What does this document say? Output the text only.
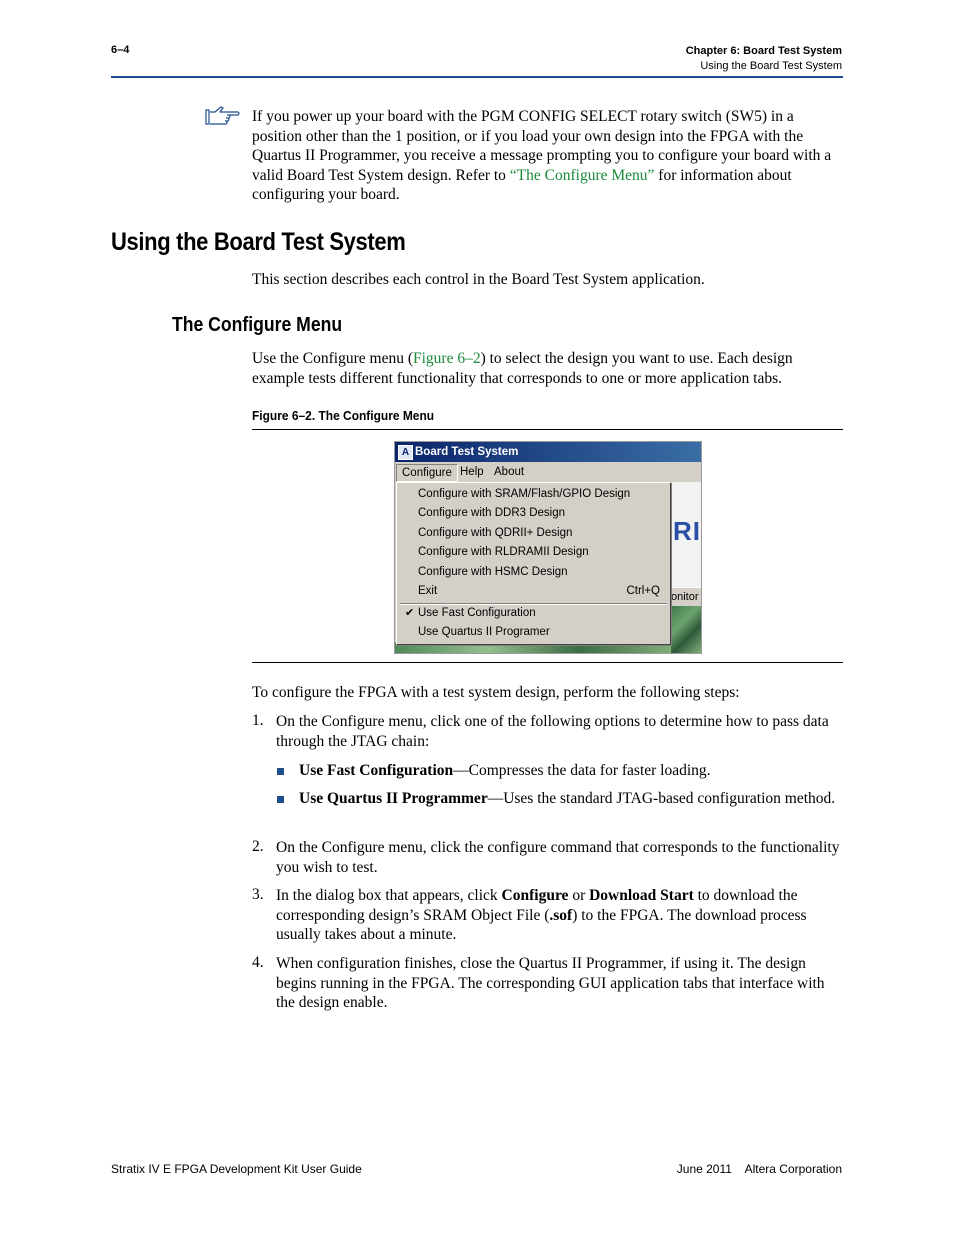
6–4	Chapter 6: Board Test System
Using the Board Test System
If you power up your board with the PGM CONFIG SELECT rotary switch (SW5) in a position other than the 1 position, or if you load your own design into the FPGA with the Quartus II Programmer, you receive a message prompting you to configure your board with a valid Board Test System design. Refer to “The Configure Menu” for information about configuring your board.
Using the Board Test System
This section describes each control in the Board Test System application.
The Configure Menu
Use the Configure menu (Figure 6–2) to select the design you want to use. Each design example tests different functionality that corresponds to one or more application tabs.
Figure 6–2. The Configure Menu
A Board Test System
Configure Help About
RI
onitor
Configure with SRAM/Flash/GPIO Design
Configure with DDR3 Design
Configure with QDRII+ Design
Configure with RLDRAMII Design
Configure with HSMC Design
Exit	Ctrl+Q
✔ Use Fast Configuration
Use Quartus II Programer
To configure the FPGA with a test system design, perform the following steps:
1. On the Configure menu, click one of the following options to determine how to pass data through the JTAG chain:
Use Fast Configuration—Compresses the data for faster loading.
Use Quartus II Programmer—Uses the standard JTAG-based configuration method.
2. On the Configure menu, click the configure command that corresponds to the functionality you wish to test.
3. In the dialog box that appears, click Configure or Download Start to download the corresponding design’s SRAM Object File (.sof) to the FPGA. The download process usually takes about a minute.
4. When configuration finishes, close the Quartus II Programmer, if using it. The design begins running in the FPGA. The corresponding GUI application tabs that interface with the design enable.
Stratix IV E FPGA Development Kit User Guide	June 2011    Altera Corporation
